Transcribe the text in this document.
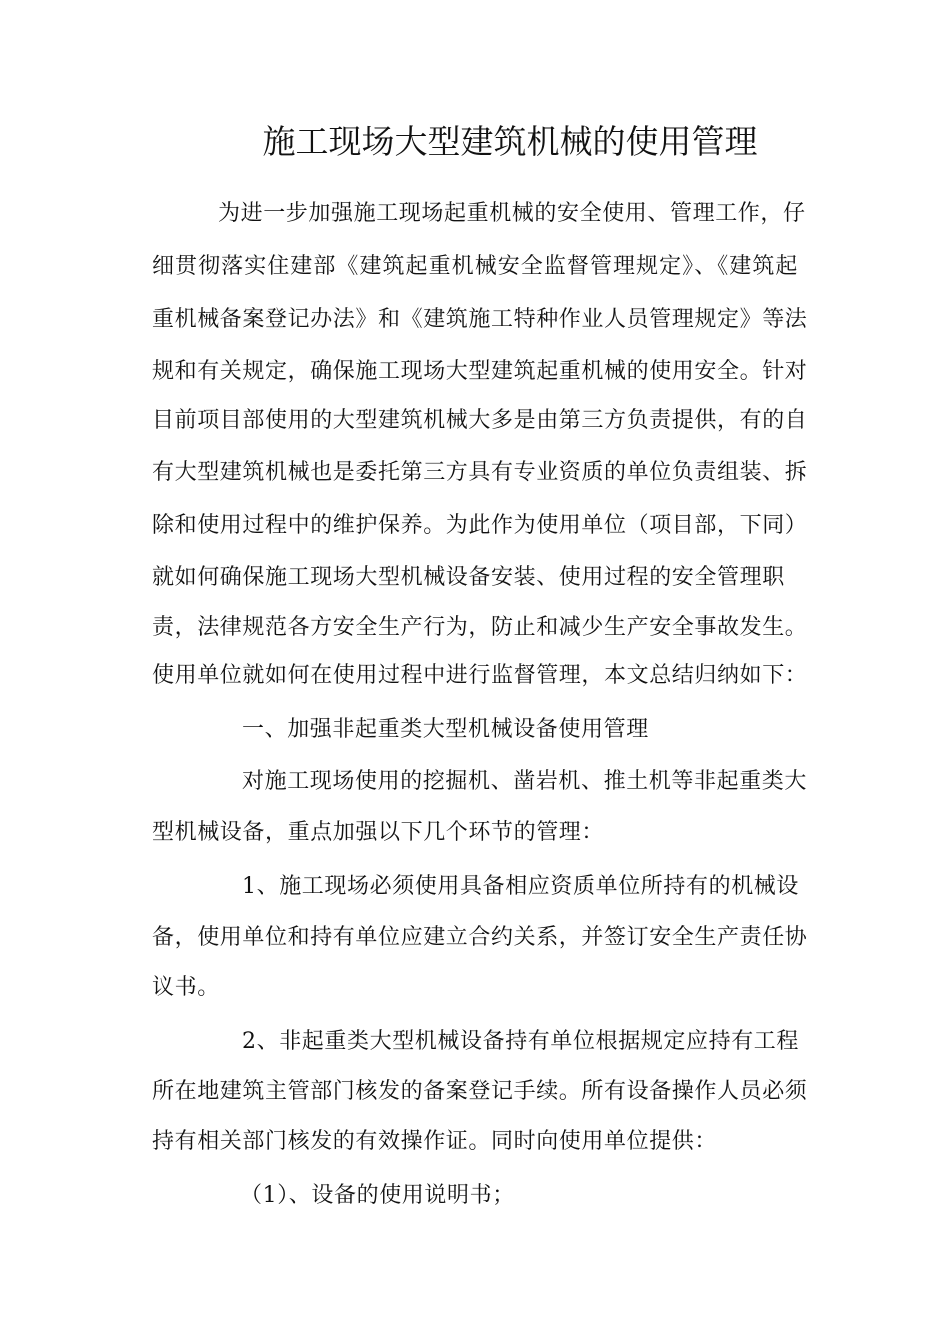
施工现场大型建筑机械的使用管理
为进一步加强施工现场起重机械的安全使用、管理工作，仔
细贯彻落实住建部《建筑起重机械安全监督管理规定》、《建筑起
重机械备案登记办法》和《建筑施工特种作业人员管理规定》等法
规和有关规定，确保施工现场大型建筑起重机械的使用安全。针对
目前项目部使用的大型建筑机械大多是由第三方负责提供，有的自
有大型建筑机械也是委托第三方具有专业资质的单位负责组装、拆
除和使用过程中的维护保养。为此作为使用单位（项目部，下同）
就如何确保施工现场大型机械设备安装、使用过程的安全管理职
责，法律规范各方安全生产行为，防止和减少生产安全事故发生。
使用单位就如何在使用过程中进行监督管理，本文总结归纳如下：
一、加强非起重类大型机械设备使用管理
对施工现场使用的挖掘机、凿岩机、推土机等非起重类大
型机械设备，重点加强以下几个环节的管理：
1、施工现场必须使用具备相应资质单位所持有的机械设
备，使用单位和持有单位应建立合约关系，并签订安全生产责任协
议书。
2、非起重类大型机械设备持有单位根据规定应持有工程
所在地建筑主管部门核发的备案登记手续。所有设备操作人员必须
持有相关部门核发的有效操作证。同时向使用单位提供：
（1）、设备的使用说明书；
